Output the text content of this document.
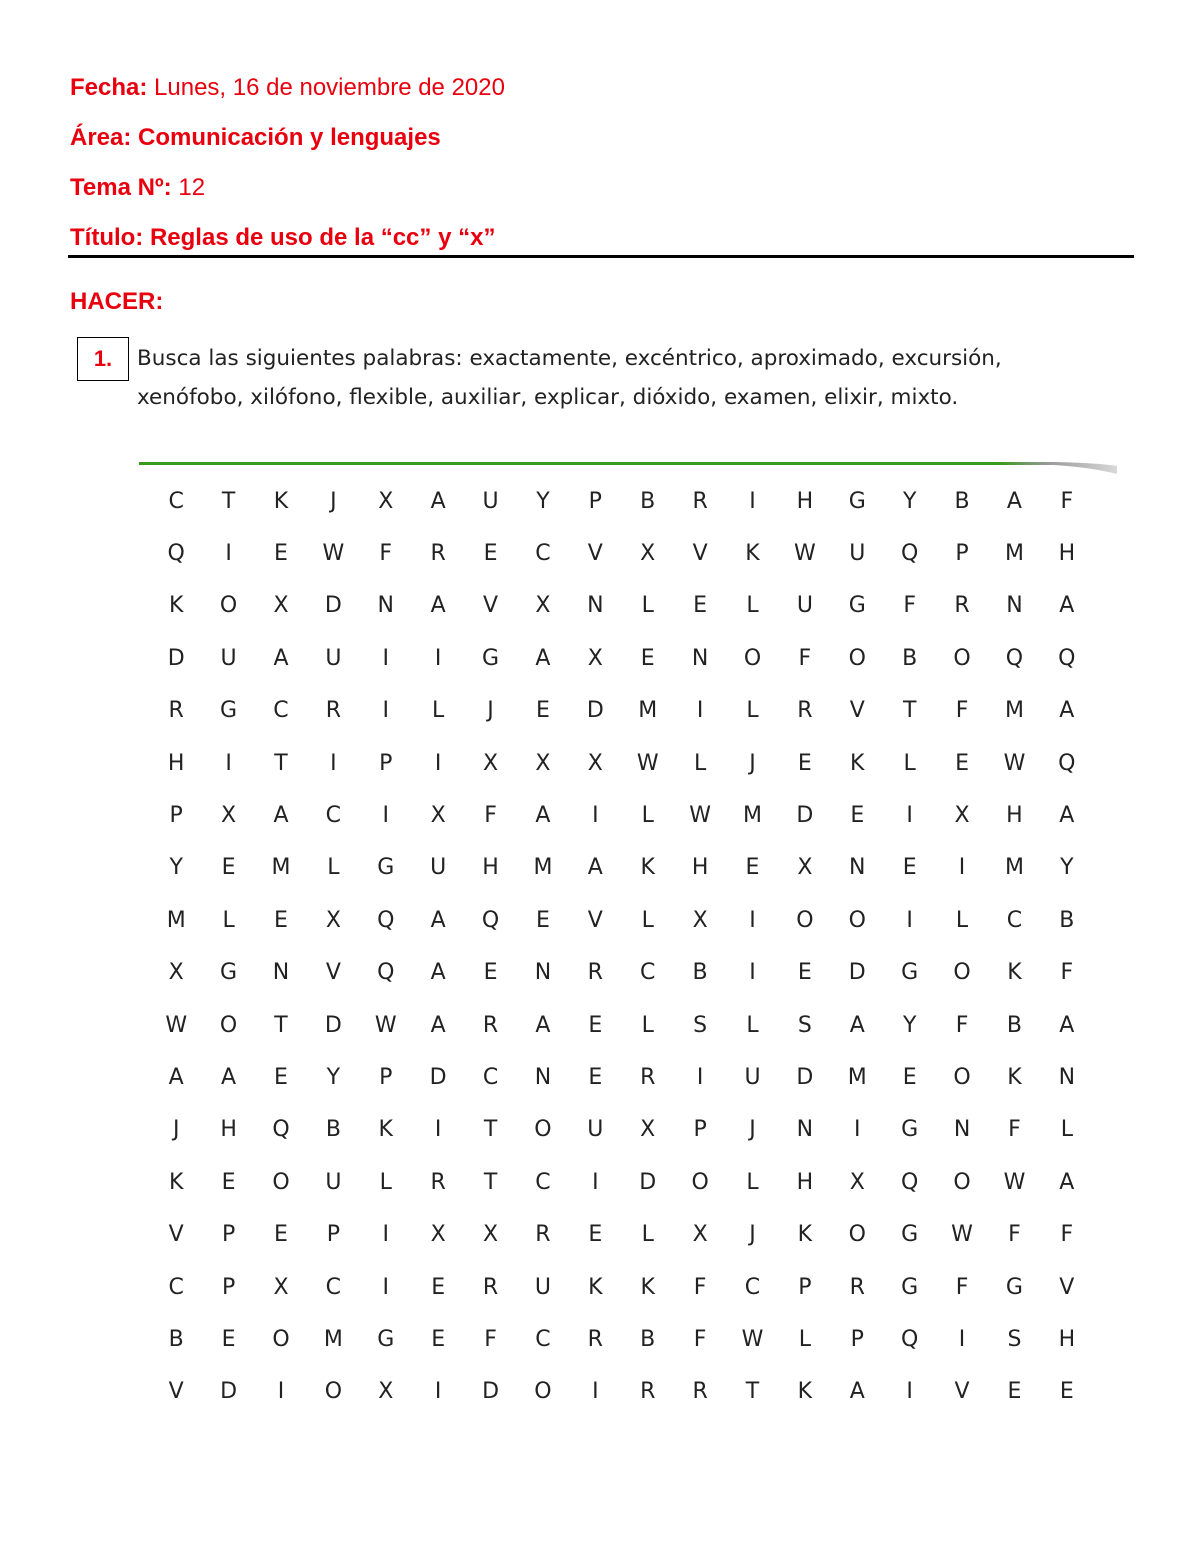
Fecha: Lunes, 16 de noviembre de 2020
Área: Comunicación y lenguajes
Tema Nº: 12
Título: Reglas de uso de la “cc” y “x”
HACER:
1. Busca las siguientes palabras: exactamente, excéntrico, aproximado, excursión, xenófobo, xilófono, flexible, auxiliar, explicar, dióxido, examen, elixir, mixto.
C	T	K	J	X	A	U	Y	P	B	R	I	H	G	Y	B	A	F
Q	I	E	W	F	R	E	C	V	X	V	K	W	U	Q	P	M	H
K	O	X	D	N	A	V	X	N	L	E	L	U	G	F	R	N	A
D	U	A	U	I	I	G	A	X	E	N	O	F	O	B	O	Q	Q
R	G	C	R	I	L	J	E	D	M	I	L	R	V	T	F	M	A
H	I	T	I	P	I	X	X	X	W	L	J	E	K	L	E	W	Q
P	X	A	C	I	X	F	A	I	L	W	M	D	E	I	X	H	A
Y	E	M	L	G	U	H	M	A	K	H	E	X	N	E	I	M	Y
M	L	E	X	Q	A	Q	E	V	L	X	I	O	O	I	L	C	B
X	G	N	V	Q	A	E	N	R	C	B	I	E	D	G	O	K	F
W	O	T	D	W	A	R	A	E	L	S	L	S	A	Y	F	B	A
A	A	E	Y	P	D	C	N	E	R	I	U	D	M	E	O	K	N
J	H	Q	B	K	I	T	O	U	X	P	J	N	I	G	N	F	L
K	E	O	U	L	R	T	C	I	D	O	L	H	X	Q	O	W	A
V	P	E	P	I	X	X	R	E	L	X	J	K	O	G	W	F	F
C	P	X	C	I	E	R	U	K	K	F	C	P	R	G	F	G	V
B	E	O	M	G	E	F	C	R	B	F	W	L	P	Q	I	S	H
V	D	I	O	X	I	D	O	I	R	R	T	K	A	I	V	E	E
